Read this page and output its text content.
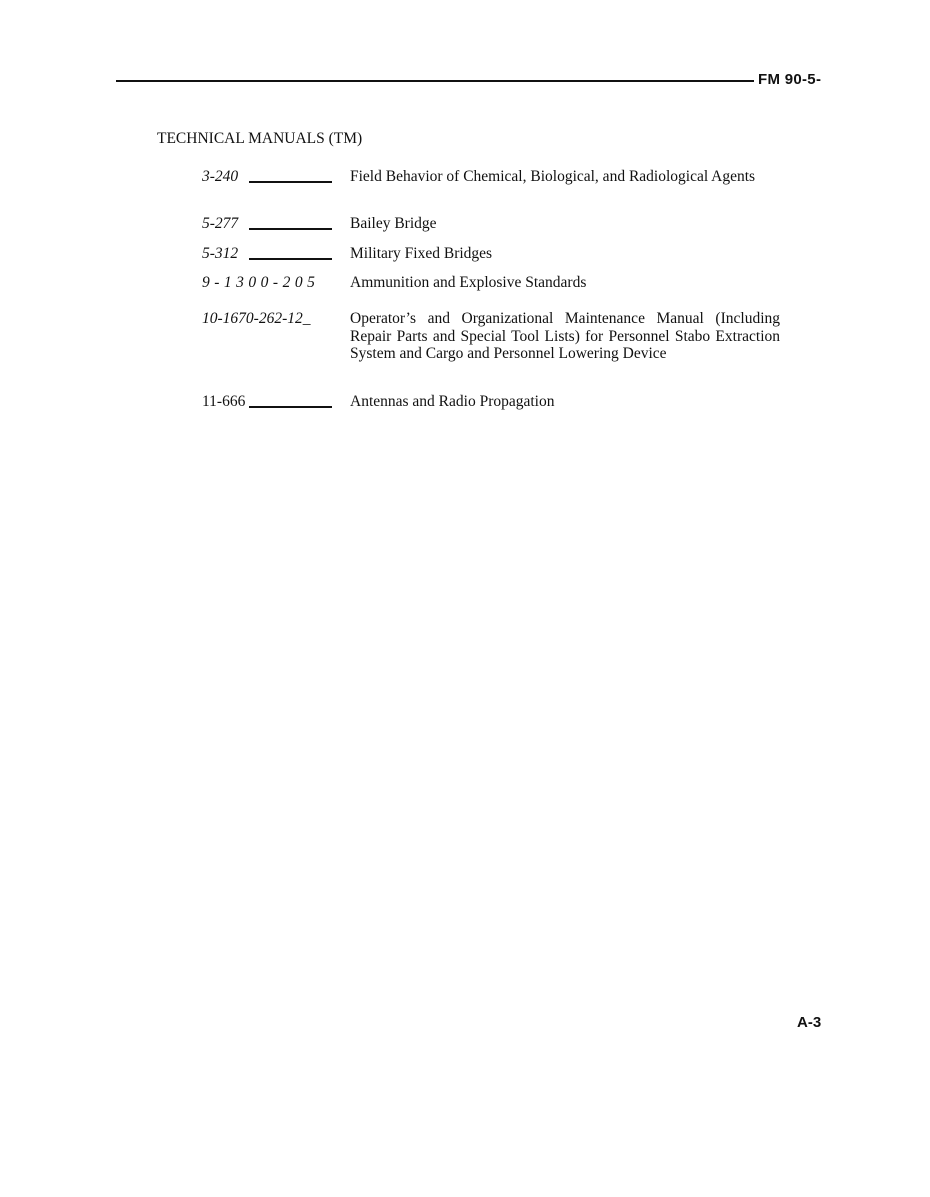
FM 90-5-
TECHNICAL MANUALS (TM)
3-240	Field Behavior of Chemical, Biological, and Radiological Agents
5-277	Bailey Bridge
5-312	Military Fixed Bridges
9-1300-205 Ammunition and Explosive Standards
10-1670-262-12_	Operator’s and Organizational Maintenance Manual (Including Repair Parts and Special Tool Lists) for Personnel Stabo Extraction System and Cargo and Personnel Lowering Device
11-666	Antennas and Radio Propagation
A-3
